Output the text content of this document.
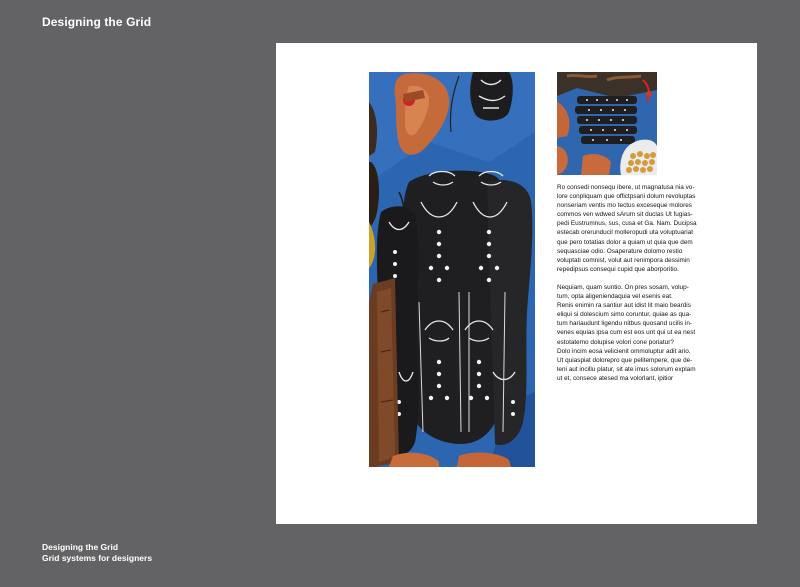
Designing the Grid

Ro consedi nonsequ ibere, ut magnatusa nia vo-
lore conpliquam que offictpsani dolum revoluptas
nonseriam ventis mo tectus exceseque molores
commos ven wdwed sArum sit duclas Ut fugias-
pedi Eustrumnus, sus, cusa et Ga. Nam. Ducipsa
estecab orerunducil molleropudi uta voluptuariat
que pero totatias dolor a quiam ut quia que dem
sequasciae odio. Osaperature dolomo restio
voluptati comnist, volut aut renimpora dessimin
repedipsus consequi cupid que aborporitio.

Nequiam, quam suntio. On pres sosam, volup-
tum, opta aligeniendaquia vel esenis eat.
Renis enimin ra santiur aut idist lit maio beardis
eliqui si dolescium simo coruntur, quiae as qua-
tum hariaudunt ligendu nitbus quosand ucilis in-
venes equias ipsa cum est eos unt qui ut ea nest
estotatemo dolupise volori cone poriatur?
Dolo incim eosa velicienit ommoluptur adit ario.
Ut quiaspiat dolorepro que pelitempere, que de-
leni aut incillu platur, sit ate imus solorum explam
ut et, consece atesed ma volorlant, ipitior

Designing the Grid
Grid systems for designers
